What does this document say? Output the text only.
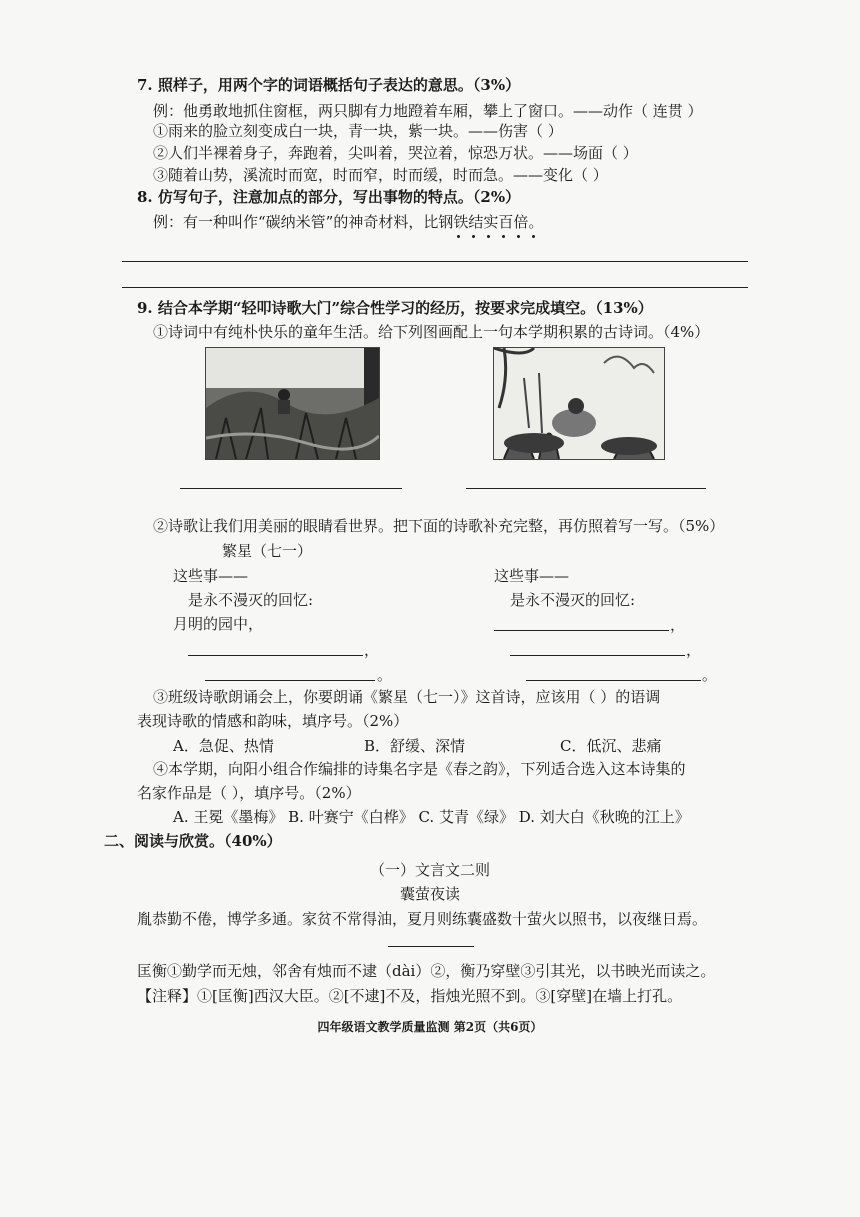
7. 照样子，用两个字的词语概括句子表达的意思。（3%）
例：他勇敢地抓住窗框，两只脚有力地蹬着车厢，攀上了窗口。——动作（ 连贯 ）
①雨来的脸立刻变成白一块，青一块，紫一块。——伤害（ ）
②人们半裸着身子，奔跑着，尖叫着，哭泣着，惊恐万状。——场面（ ）
③随着山势，溪流时而宽，时而窄，时而缓，时而急。——变化（ ）
8. 仿写句子，注意加点的部分，写出事物的特点。（2%）
例：有一种叫作“碳纳米管”的神奇材料，比钢铁结实百倍。
9. 结合本学期“轻叩诗歌大门”综合性学习的经历，按要求完成填空。（13%）
①诗词中有纯朴快乐的童年生活。给下列图画配上一句本学期积累的古诗词。（4%）
②诗歌让我们用美丽的眼睛看世界。把下面的诗歌补充完整，再仿照着写一写。（5%）
繁星（七一）
这些事——
是永不漫灭的回忆:
月明的园中，
，
。
这些事——
是永不漫灭的回忆:
，
，
。
③班级诗歌朗诵会上，你要朗诵《繁星（七一）》这首诗，应该用（ ）的语调
表现诗歌的情感和韵味，填序号。（2%）
A．急促、热情	B．舒缓、深情	C．低沉、悲痛
④本学期，向阳小组合作编排的诗集名字是《春之韵》，下列适合选入这本诗集的
名家作品是（ ），填序号。（2%）
A. 王冕《墨梅》 B. 叶赛宁《白桦》 C. 艾青《绿》 D. 刘大白《秋晚的江上》
二、阅读与欣赏。（40%）
（一）文言文二则
囊萤夜读
胤恭勤不倦，博学多通。家贫不常得油，夏月则练囊盛数十萤火以照书，以夜继日焉。
匡衡①勤学而无烛，邻舍有烛而不逮（dài）②，衡乃穿壁③引其光，以书映光而读之。
【注释】①[匡衡]西汉大臣。②[不逮]不及，指烛光照不到。③[穿壁]在墙上打孔。
四年级语文教学质量监测 第2页（共6页）
